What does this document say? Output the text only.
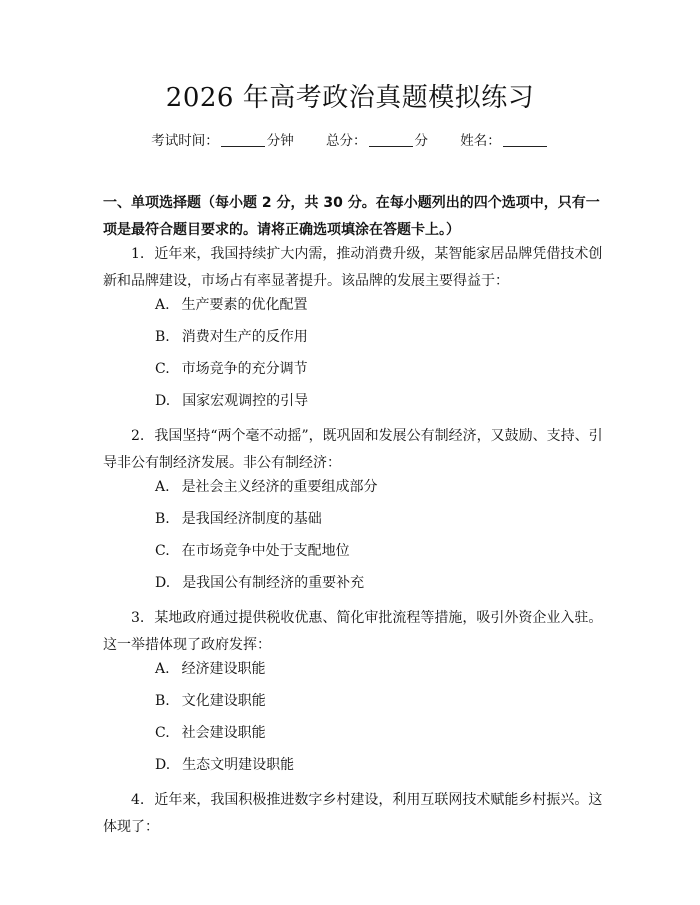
2026 年高考政治真题模拟练习
考试时间：	分钟 总分：	分 姓名：
一、单项选择题（每小题 2 分，共 30 分。在每小题列出的四个选项中，只有一项是最符合题目要求的。请将正确选项填涂在答题卡上。）
1. 近年来，我国持续扩大内需，推动消费升级，某智能家居品牌凭借技术创新和品牌建设，市场占有率显著提升。该品牌的发展主要得益于：
A. 生产要素的优化配置
B. 消费对生产的反作用
C. 市场竞争的充分调节
D. 国家宏观调控的引导
2. 我国坚持“两个毫不动摇”，既巩固和发展公有制经济，又鼓励、支持、引导非公有制经济发展。非公有制经济：
A. 是社会主义经济的重要组成部分
B. 是我国经济制度的基础
C. 在市场竞争中处于支配地位
D. 是我国公有制经济的重要补充
3. 某地政府通过提供税收优惠、简化审批流程等措施，吸引外资企业入驻。这一举措体现了政府发挥：
A. 经济建设职能
B. 文化建设职能
C. 社会建设职能
D. 生态文明建设职能
4. 近年来，我国积极推进数字乡村建设，利用互联网技术赋能乡村振兴。这体现了：
